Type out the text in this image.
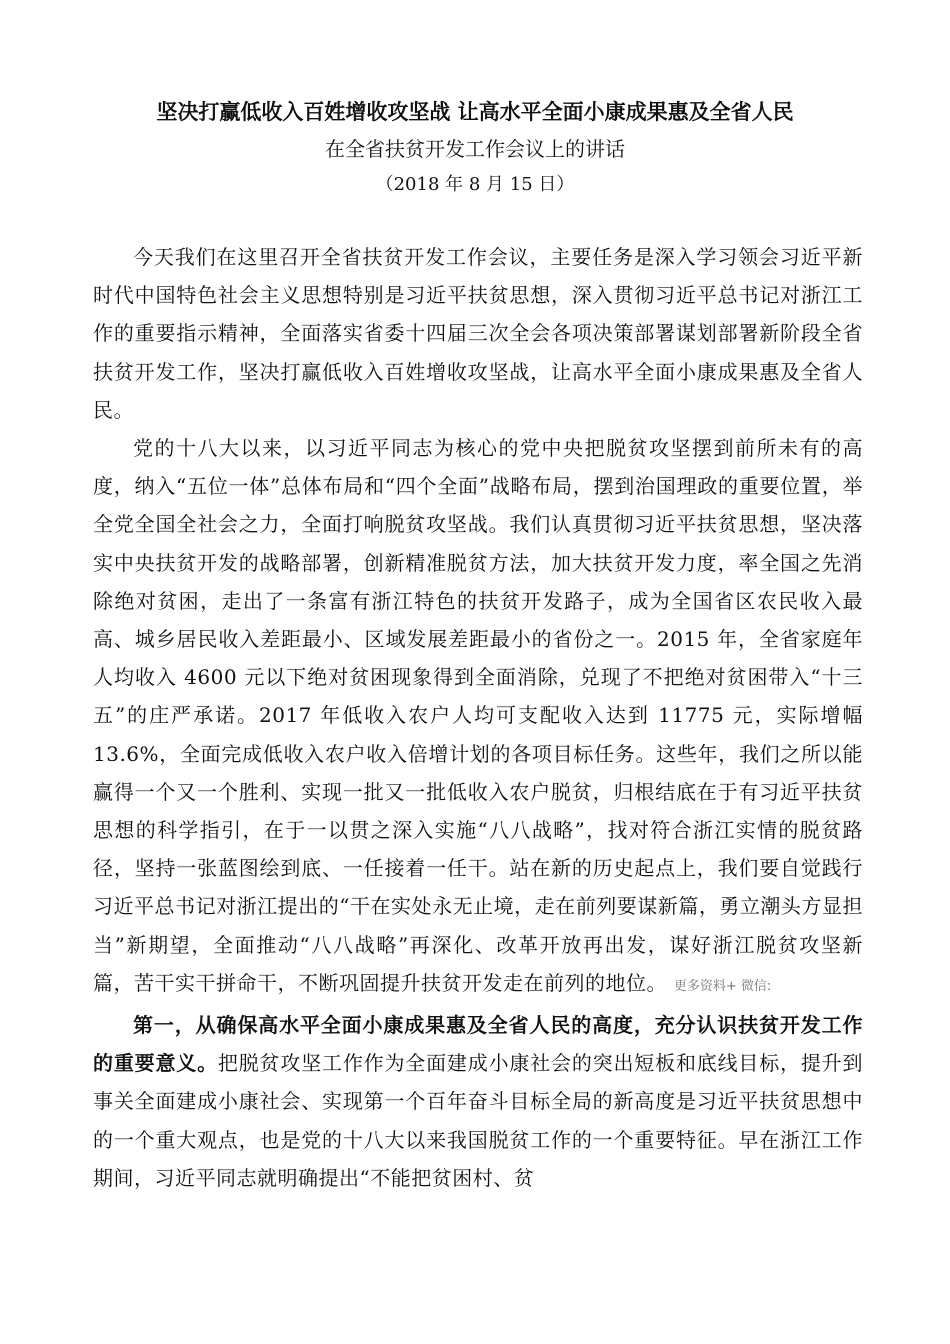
坚决打赢低收入百姓增收攻坚战 让高水平全面小康成果惠及全省人民
在全省扶贫开发工作会议上的讲话
（2018 年 8 月 15 日）

今天我们在这里召开全省扶贫开发工作会议，主要任务是深入学习领会习近平新时代中国特色社会主义思想特别是习近平扶贫思想，深入贯彻习近平总书记对浙江工作的重要指示精神，全面落实省委十四届三次全会各项决策部署谋划部署新阶段全省扶贫开发工作，坚决打赢低收入百姓增收攻坚战，让高水平全面小康成果惠及全省人民。

党的十八大以来，以习近平同志为核心的党中央把脱贫攻坚摆到前所未有的高度，纳入“五位一体”总体布局和“四个全面”战略布局，摆到治国理政的重要位置，举全党全国全社会之力，全面打响脱贫攻坚战。我们认真贯彻习近平扶贫思想，坚决落实中央扶贫开发的战略部署，创新精准脱贫方法，加大扶贫开发力度，率全国之先消除绝对贫困，走出了一条富有浙江特色的扶贫开发路子，成为全国省区农民收入最高、城乡居民收入差距最小、区域发展差距最小的省份之一。2015 年，全省家庭年人均收入 4600 元以下绝对贫困现象得到全面消除，兑现了不把绝对贫困带入“十三五”的庄严承诺。2017 年低收入农户人均可支配收入达到 11775 元，实际增幅 13.6%，全面完成低收入农户收入倍增计划的各项目标任务。这些年，我们之所以能赢得一个又一个胜利、实现一批又一批低收入农户脱贫，归根结底在于有习近平扶贫思想的科学指引，在于一以贯之深入实施“八八战略”，找对符合浙江实情的脱贫路径，坚持一张蓝图绘到底、一任接着一任干。站在新的历史起点上，我们要自觉践行习近平总书记对浙江提出的“干在实处永无止境，走在前列要谋新篇，勇立潮头方显担当”新期望，全面推动“八八战略”再深化、改革开放再出发，谋好浙江脱贫攻坚新篇，苦干实干拼命干，不断巩固提升扶贫开发走在前列的地位。 更多资料+ 微信:

第一，从确保高水平全面小康成果惠及全省人民的高度，充分认识扶贫开发工作的重要意义。把脱贫攻坚工作作为全面建成小康社会的突出短板和底线目标，提升到事关全面建成小康社会、实现第一个百年奋斗目标全局的新高度是习近平扶贫思想中的一个重大观点，也是党的十八大以来我国脱贫工作的一个重要特征。早在浙江工作期间，习近平同志就明确提出“不能把贫困村、贫
